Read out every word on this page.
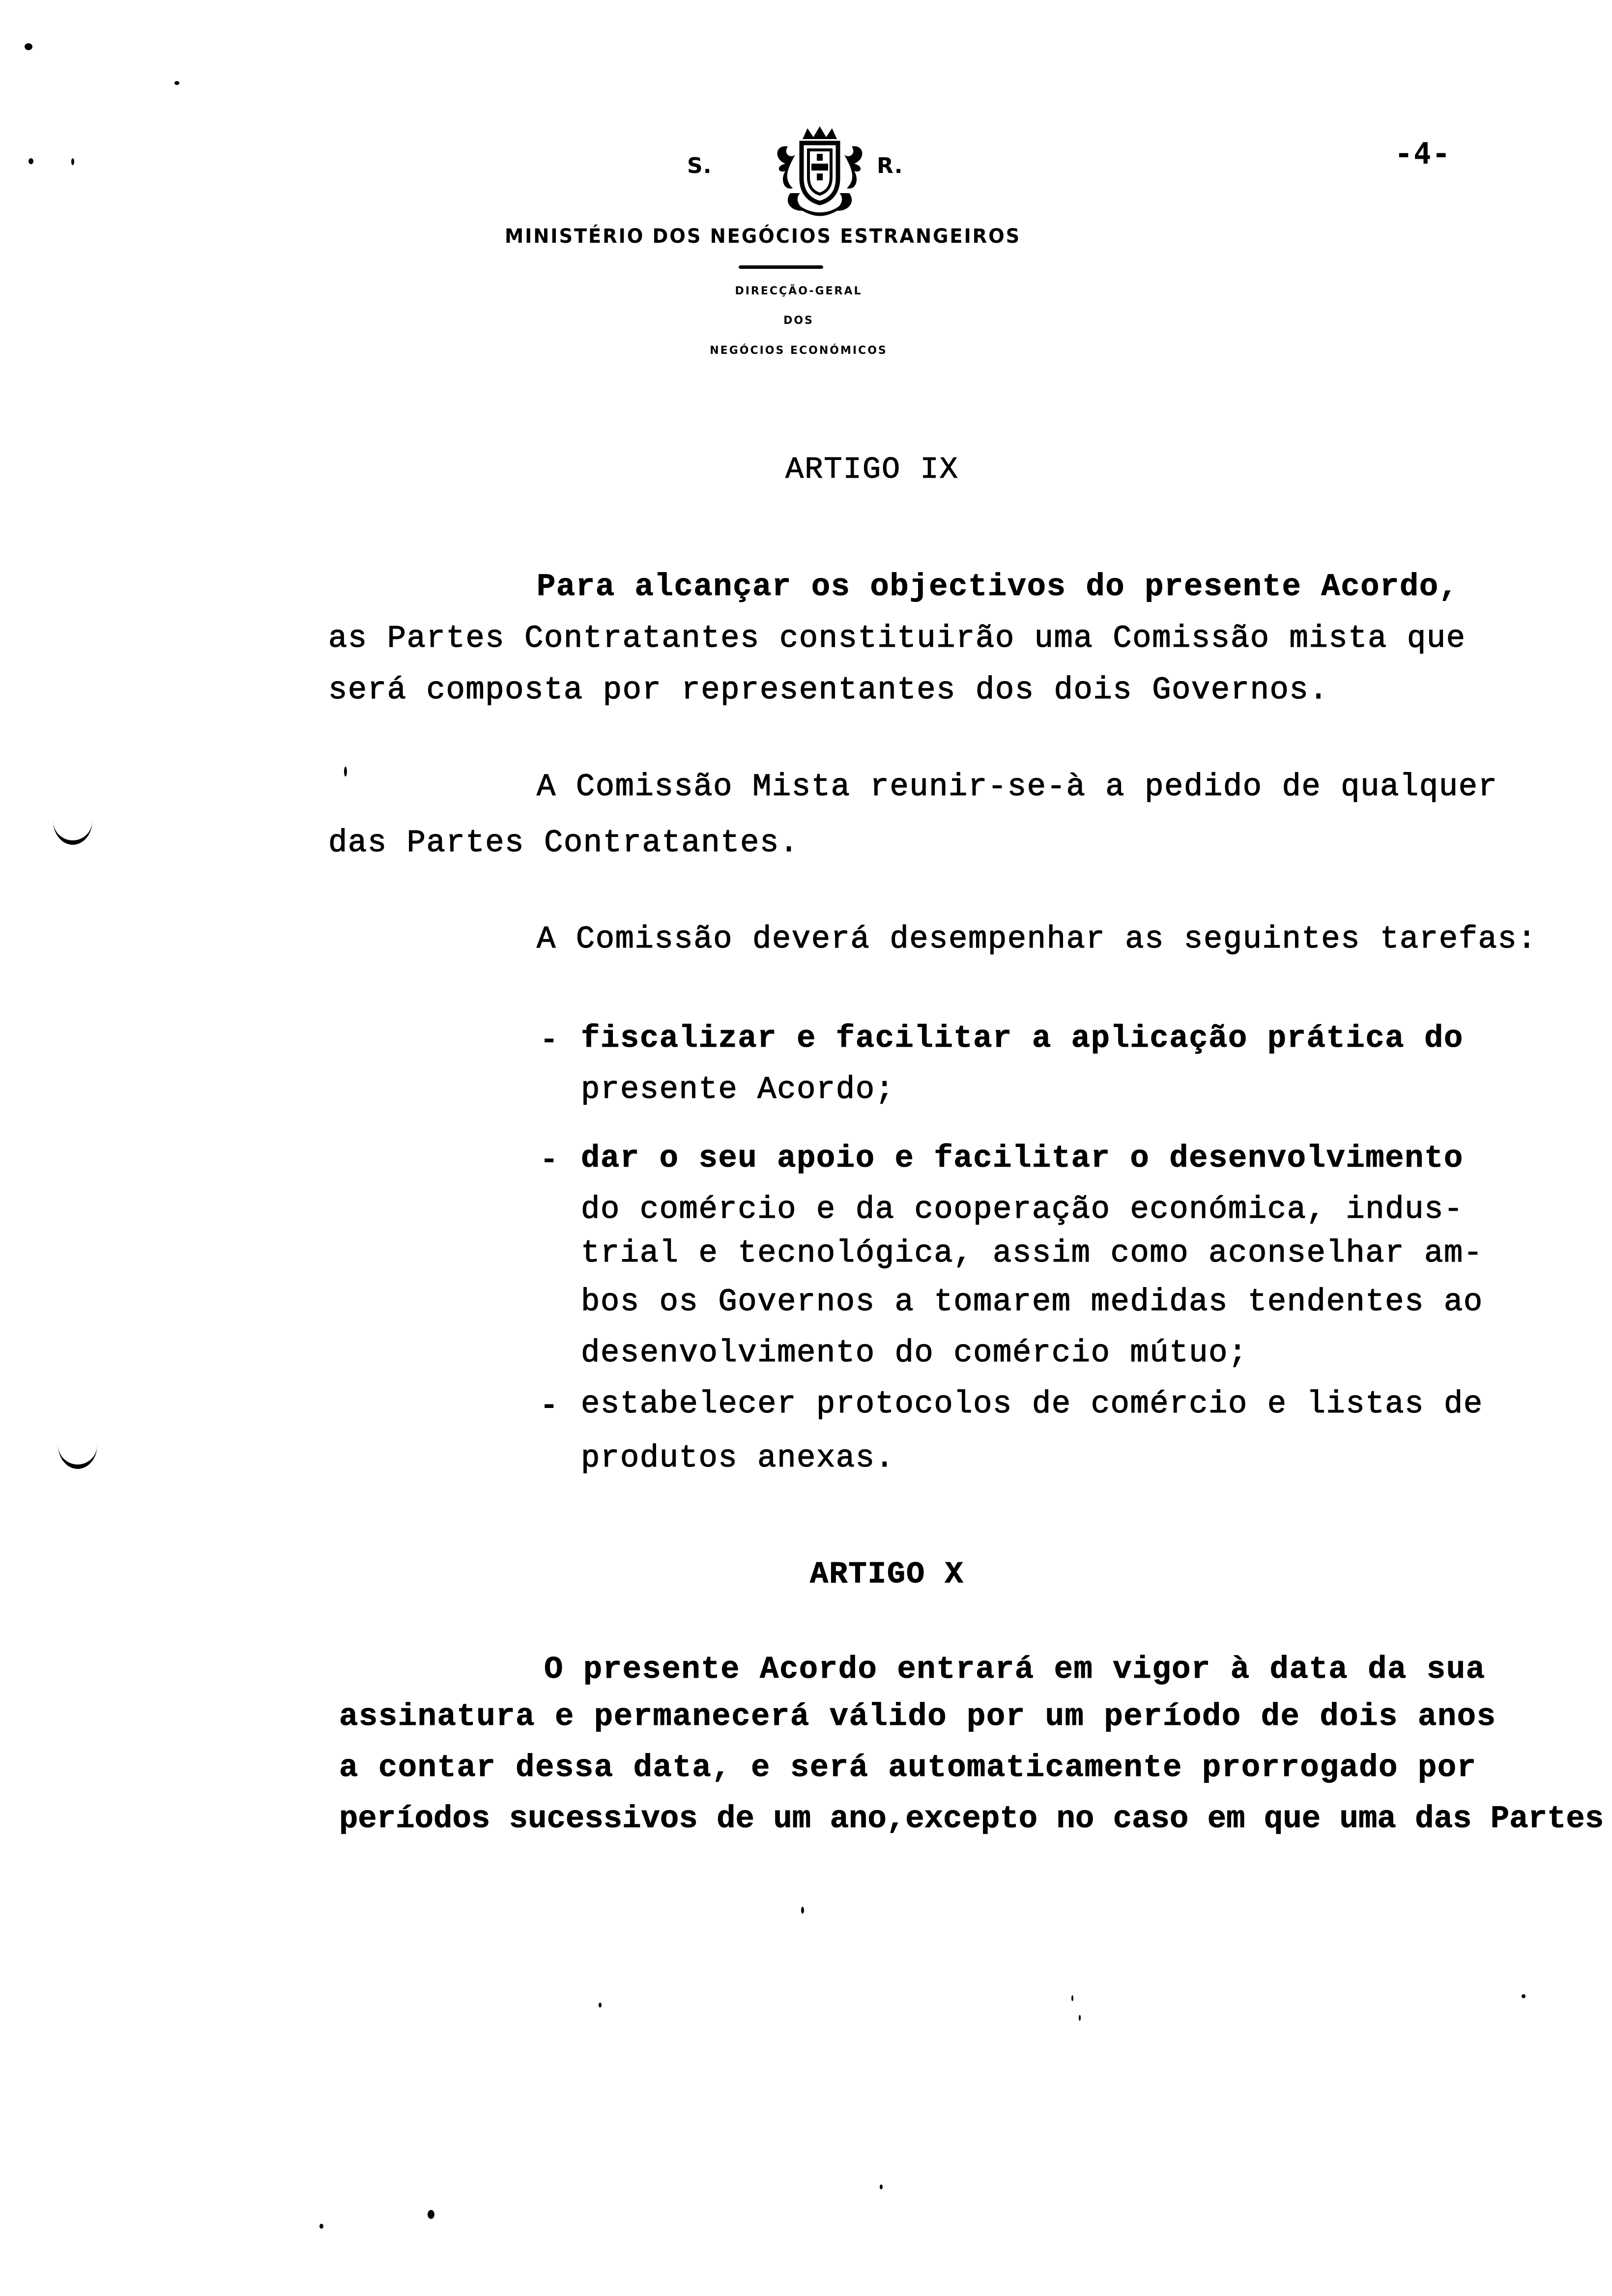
-4-
S.

	R.
MINISTÉRIO DOS NEGÓCIOS ESTRANGEIROS
DIRECÇÃO-GERAL
DOS
NEGÓCIOS ECONÓMICOS
ARTIGO IX
Para alcançar os objectivos do presente Acordo,
as Partes Contratantes constituirão uma Comissão mista que
será composta por representantes dos dois Governos.
A Comissão Mista reunir-se-à a pedido de qualquer
das Partes Contratantes.
A Comissão deverá desempenhar as seguintes tarefas:
- fiscalizar e facilitar a aplicação prática do
presente Acordo;
- dar o seu apoio e facilitar o desenvolvimento
do comércio e da cooperação económica, indus-
trial e tecnológica, assim como aconselhar am-
bos os Governos a tomarem medidas tendentes ao
desenvolvimento do comércio mútuo;
- estabelecer protocolos de comércio e listas de
produtos anexas.
ARTIGO X
O presente Acordo entrará em vigor à data da sua
assinatura e permanecerá válido por um período de dois anos
a contar dessa data, e será automaticamente prorrogado por
períodos sucessivos de um ano,excepto no caso em que uma das Partes
